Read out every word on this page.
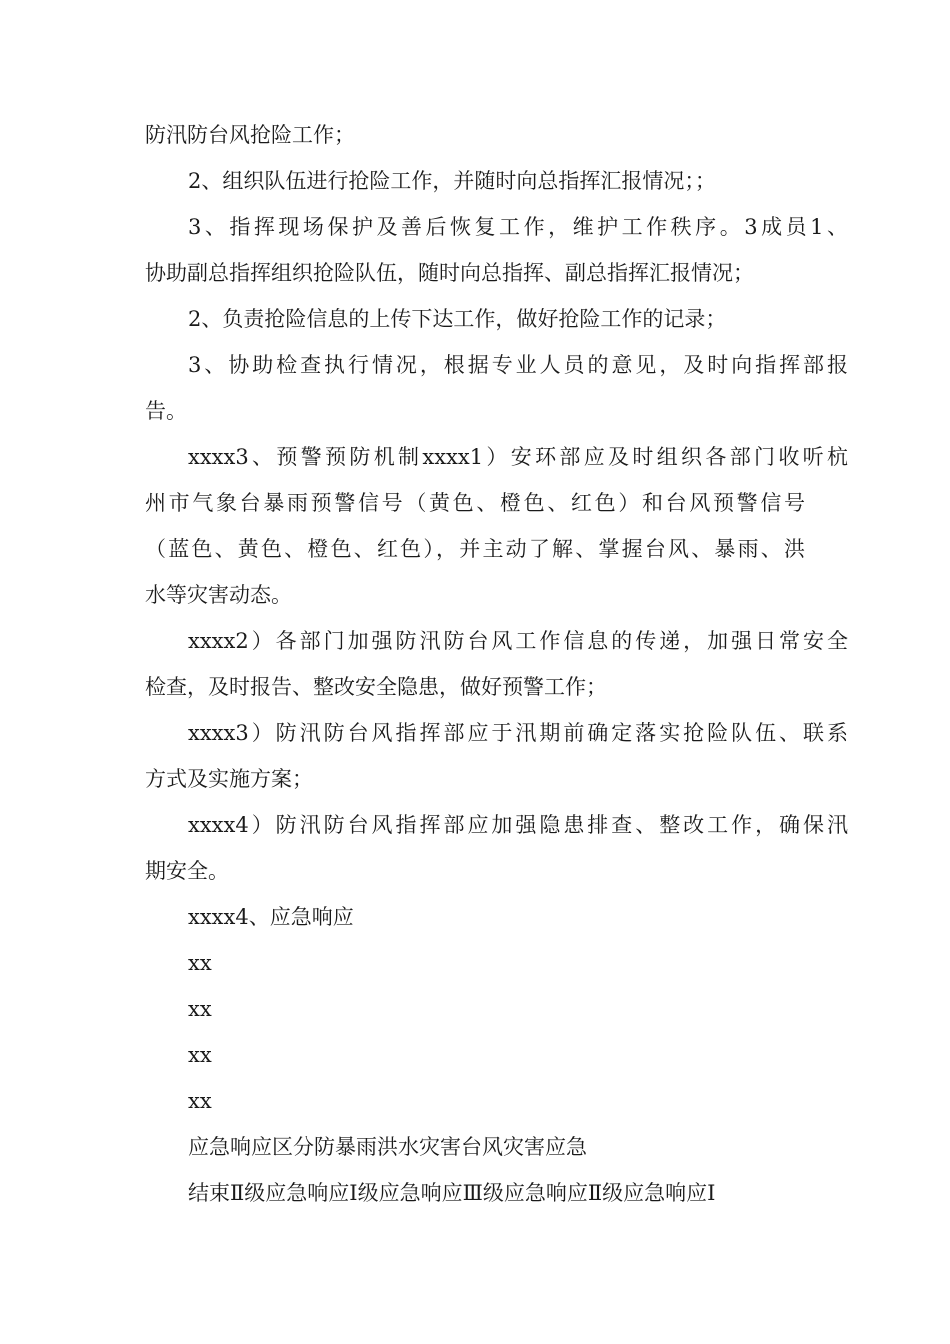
防汛防台风抢险工作；
2、组织队伍进行抢险工作，并随时向总指挥汇报情况；；
3、指挥现场保护及善后恢复工作，维护工作秩序。3成员1、
协助副总指挥组织抢险队伍，随时向总指挥、副总指挥汇报情况；
2、负责抢险信息的上传下达工作，做好抢险工作的记录；
3、协助检查执行情况，根据专业人员的意见，及时向指挥部报
告。
xxxx3、预警预防机制xxxx1）安环部应及时组织各部门收听杭
州市气象台暴雨预警信号（黄色、橙色、红色）和台风预警信号
（蓝色、黄色、橙色、红色），并主动了解、掌握台风、暴雨、洪
水等灾害动态。
xxxx2）各部门加强防汛防台风工作信息的传递，加强日常安全
检查，及时报告、整改安全隐患，做好预警工作；
xxxx3）防汛防台风指挥部应于汛期前确定落实抢险队伍、联系
方式及实施方案；
xxxx4）防汛防台风指挥部应加强隐患排查、整改工作，确保汛
期安全。
xxxx4、应急响应
xx
xx
xx
xx
应急响应区分防暴雨洪水灾害台风灾害应急
结束Ⅱ级应急响应Ⅰ级应急响应Ⅲ级应急响应Ⅱ级应急响应Ⅰ
